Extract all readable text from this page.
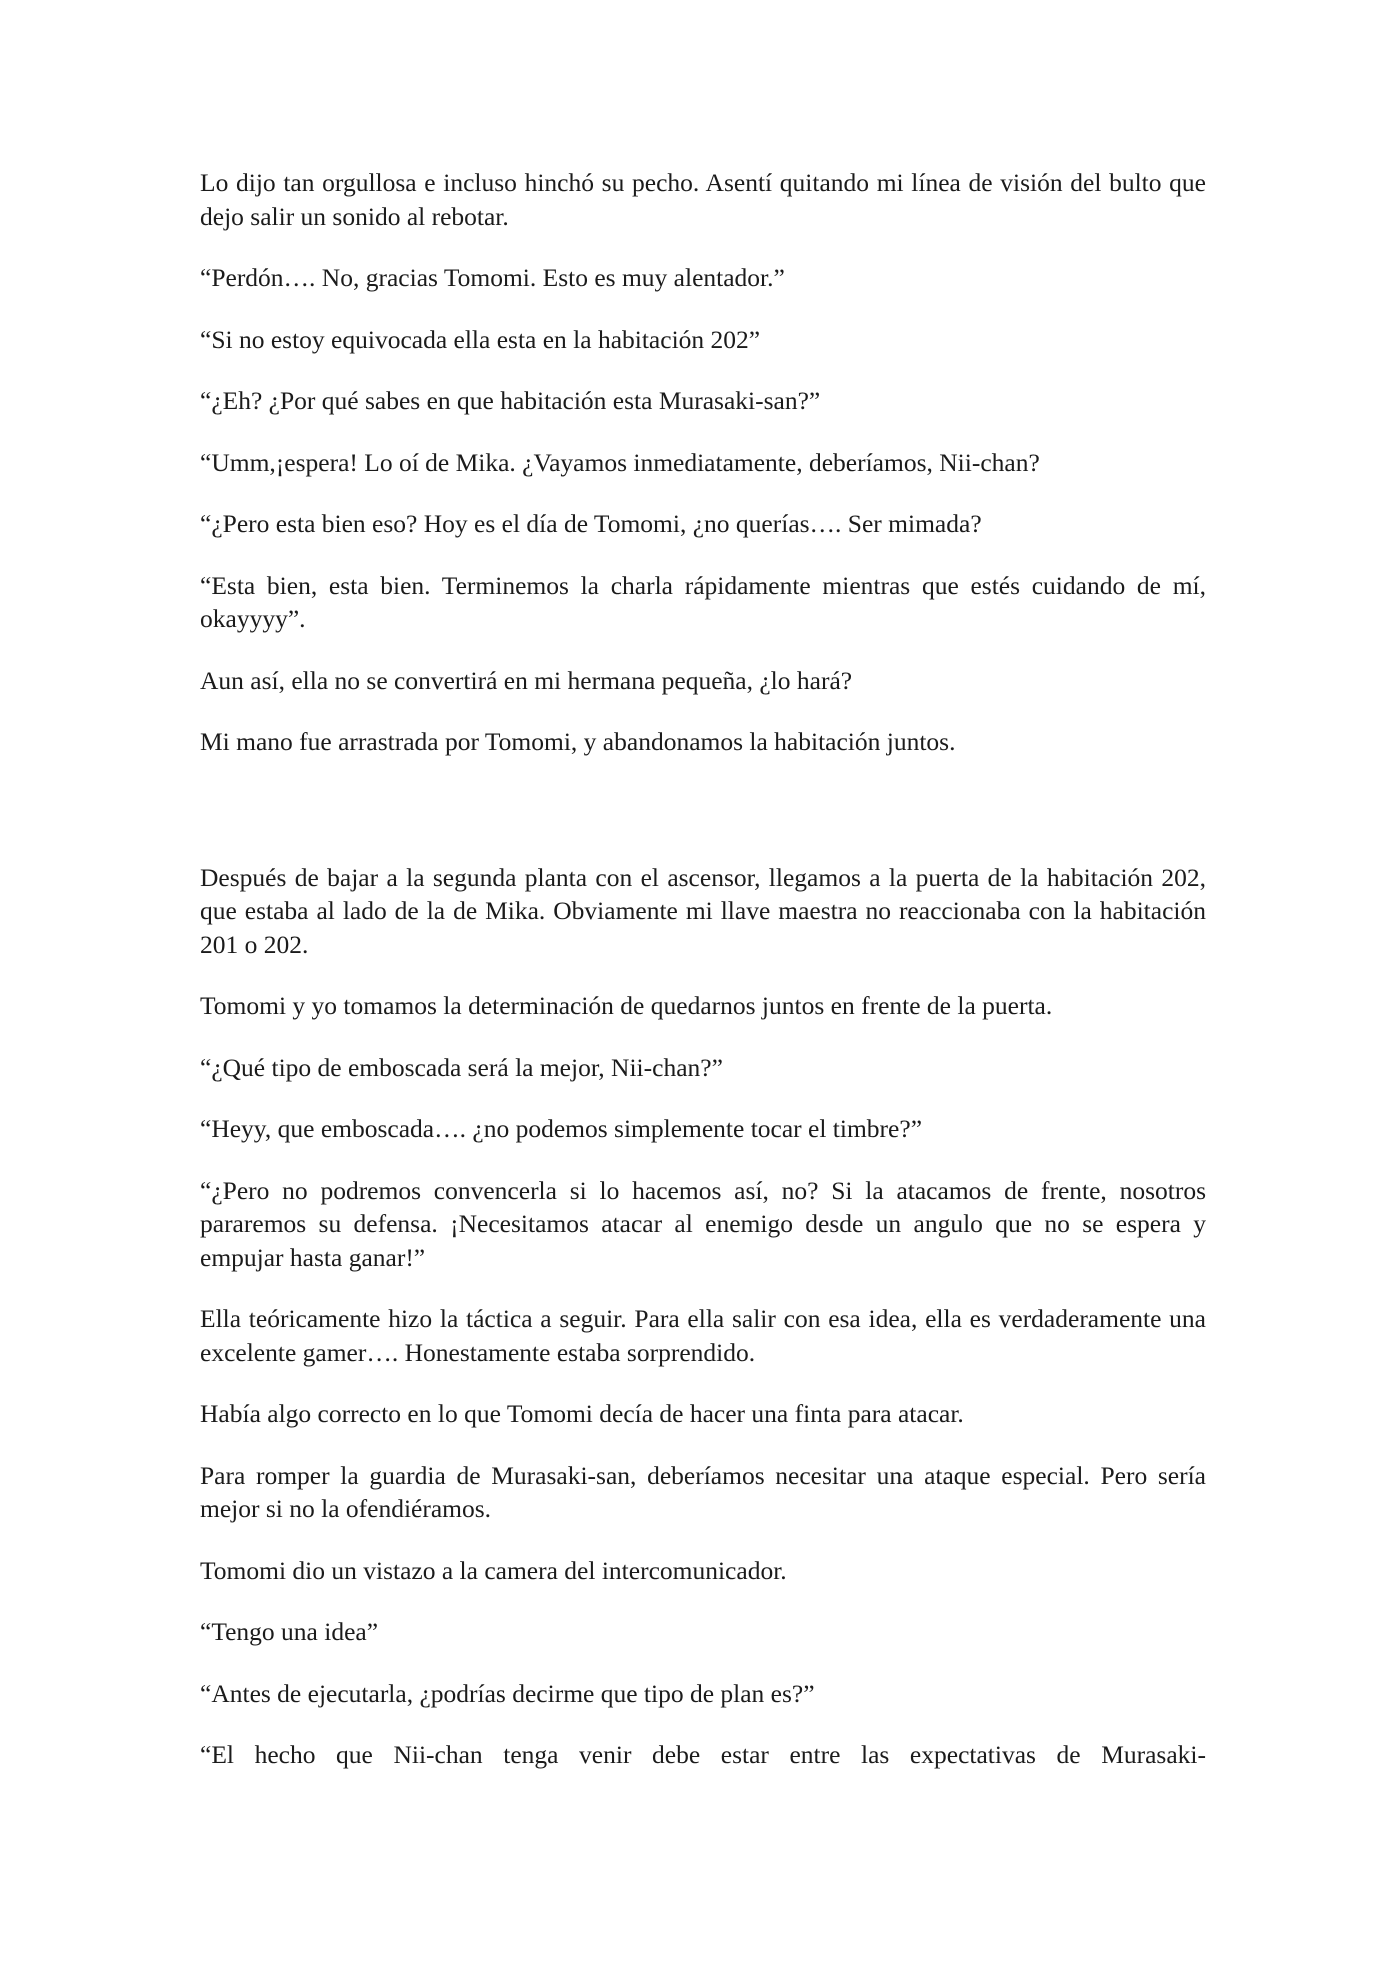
Lo dijo tan orgullosa e incluso hinchó su pecho. Asentí quitando mi línea de visión del bulto que dejo salir un sonido al rebotar.

“Perdón…. No, gracias Tomomi. Esto es muy alentador.”

“Si no estoy equivocada ella esta en la habitación 202”

“¿Eh? ¿Por qué sabes en que habitación esta Murasaki-san?”

“Umm,¡espera! Lo oí de Mika. ¿Vayamos inmediatamente, deberíamos, Nii-chan?

“¿Pero esta bien eso? Hoy es el día de Tomomi, ¿no querías…. Ser mimada?

“Esta bien, esta bien. Terminemos la charla rápidamente mientras que estés cuidando de mí, okayyyy”.

Aun así, ella no se convertirá en mi hermana pequeña, ¿lo hará?

Mi mano fue arrastrada por Tomomi, y abandonamos la habitación juntos.

Después de bajar a la segunda planta con el ascensor, llegamos a la puerta de la habitación 202, que estaba al lado de la de Mika. Obviamente mi llave maestra no reaccionaba con la habitación 201 o 202.

Tomomi y yo tomamos la determinación de quedarnos juntos en frente de la puerta.

“¿Qué tipo de emboscada será la mejor, Nii-chan?”

“Heyy, que emboscada…. ¿no podemos simplemente tocar el timbre?”

“¿Pero no podremos convencerla si lo hacemos así, no? Si la atacamos de frente, nosotros pararemos su defensa. ¡Necesitamos atacar al enemigo desde un angulo que no se espera y empujar hasta ganar!”

Ella teóricamente hizo la táctica a seguir. Para ella salir con esa idea, ella es verdaderamente una excelente gamer…. Honestamente estaba sorprendido.

Había algo correcto en lo que Tomomi decía de hacer una finta para atacar.

Para romper la guardia de Murasaki-san, deberíamos necesitar una ataque especial. Pero sería mejor si no la ofendiéramos.

Tomomi dio un vistazo a la camera del intercomunicador.

“Tengo una idea”

“Antes de ejecutarla, ¿podrías decirme que tipo de plan es?”

“El hecho que Nii-chan tenga venir debe estar entre las expectativas de Murasaki-
